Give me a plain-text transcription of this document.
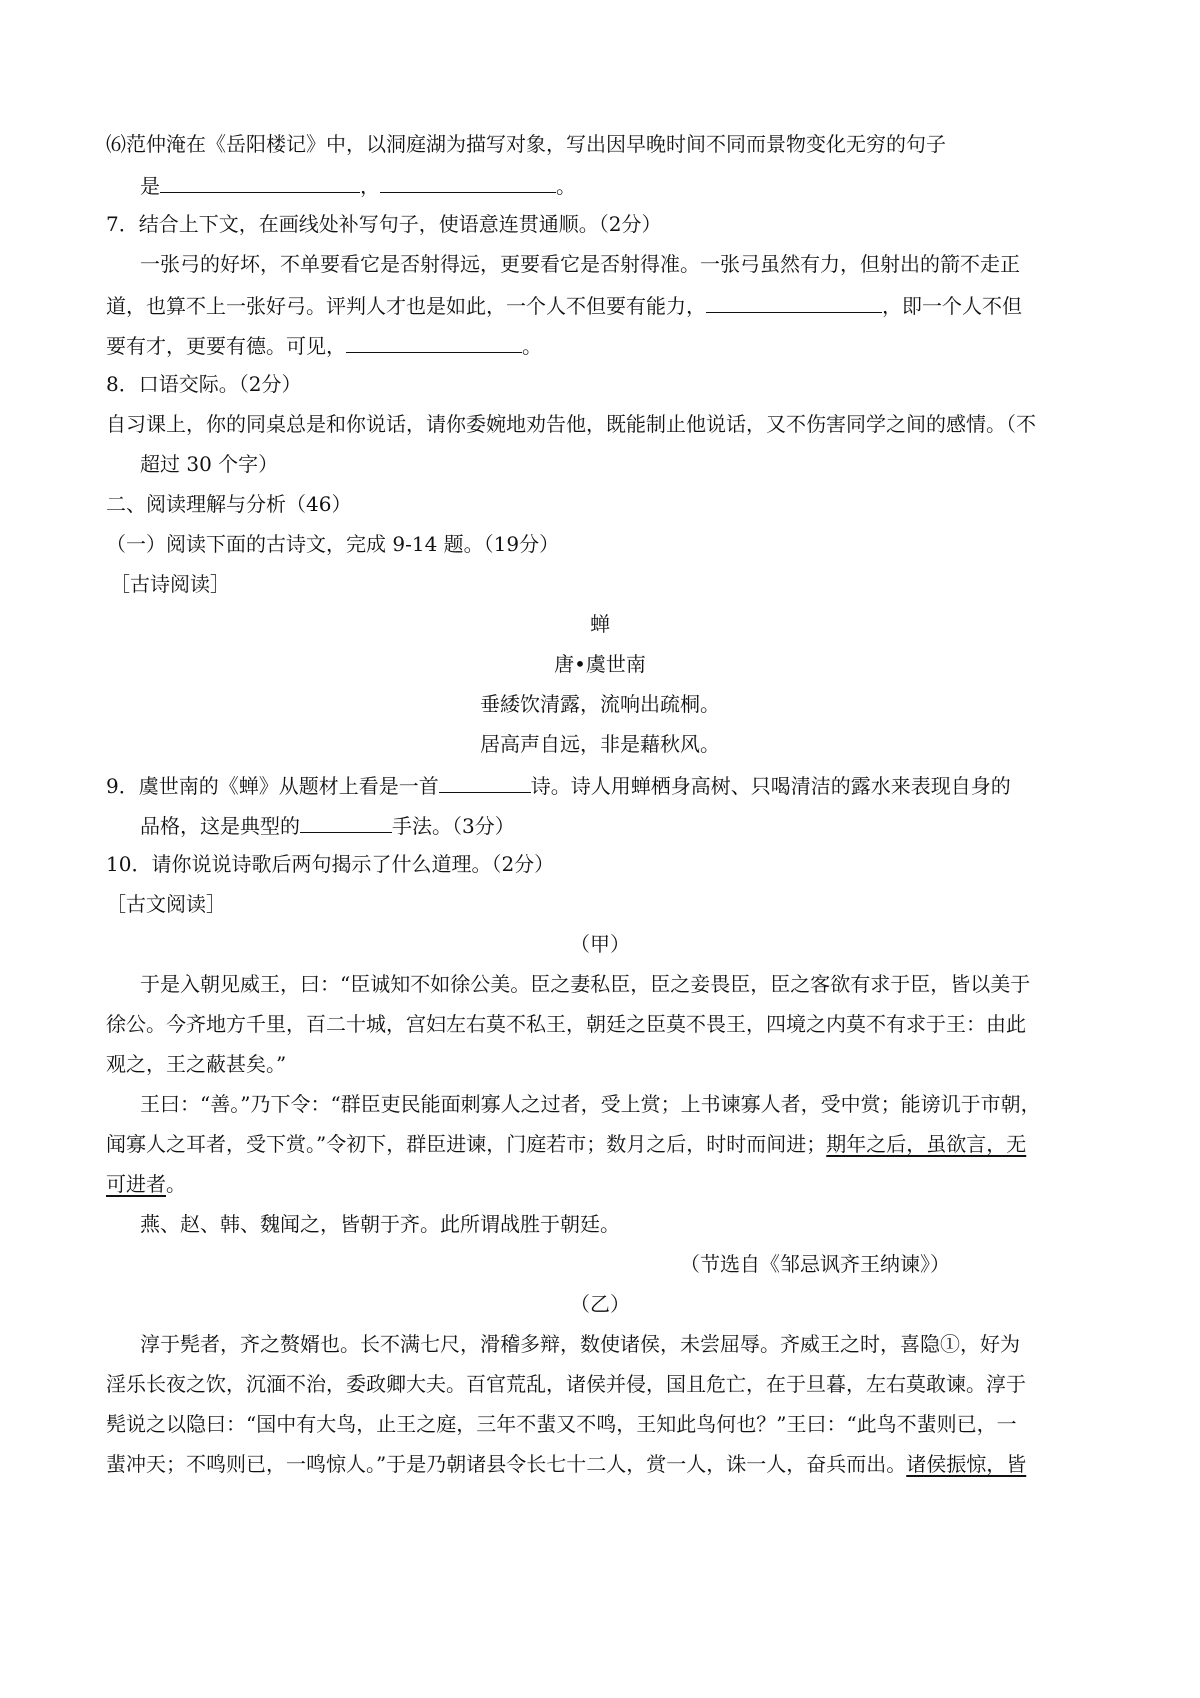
⑹范仲淹在《岳阳楼记》中，以洞庭湖为描写对象，写出因早晚时间不同而景物变化无穷的句子
是	，	。
7．结合上下文，在画线处补写句子，使语意连贯通顺。（2分）
一张弓的好坏，不单要看它是否射得远，更要看它是否射得准。一张弓虽然有力，但射出的箭不走正
道，也算不上一张好弓。评判人才也是如此，一个人不但要有能力，	，即一个人不但
要有才，更要有德。可见，	。
8．口语交际。（2分）
自习课上，你的同桌总是和你说话，请你委婉地劝告他，既能制止他说话，又不伤害同学之间的感情。（不
超过 30 个字）
二、阅读理解与分析（46）
（一）阅读下面的古诗文，完成 9-14 题。（19分）
［古诗阅读］
蝉
唐•虞世南
垂緌饮清露，流响出疏桐。
居高声自远，非是藉秋风。
9．虞世南的《蝉》从题材上看是一首	诗。诗人用蝉栖身高树、只喝清洁的露水来表现自身的
品格，这是典型的	手法。（3分）
10．请你说说诗歌后两句揭示了什么道理。（2分）
［古文阅读］
（甲）
于是入朝见威王，曰：“臣诚知不如徐公美。臣之妻私臣，臣之妾畏臣，臣之客欲有求于臣，皆以美于
徐公。今齐地方千里，百二十城，宫妇左右莫不私王，朝廷之臣莫不畏王，四境之内莫不有求于王：由此
观之，王之蔽甚矣。”
王曰：“善。”乃下令：“群臣吏民能面刺寡人之过者，受上赏；上书谏寡人者，受中赏；能谤讥于市朝，
闻寡人之耳者，受下赏。”令初下，群臣进谏，门庭若市；数月之后，时时而间进；期年之后，虽欲言，无
可进者。
燕、赵、韩、魏闻之，皆朝于齐。此所谓战胜于朝廷。
（节选自《邹忌讽齐王纳谏》）
（乙）
淳于髡者，齐之赘婿也。长不满七尺，滑稽多辩，数使诸侯，未尝屈辱。齐威王之时，喜隐①，好为
淫乐长夜之饮，沉湎不治，委政卿大夫。百官荒乱，诸侯并侵，国且危亡，在于旦暮，左右莫敢谏。淳于
髡说之以隐曰：“国中有大鸟，止王之庭，三年不蜚又不鸣，王知此鸟何也？”王曰：“此鸟不蜚则已，一
蜚冲天；不鸣则已，一鸣惊人。”于是乃朝诸县令长七十二人，赏一人，诛一人，奋兵而出。诸侯振惊，皆
